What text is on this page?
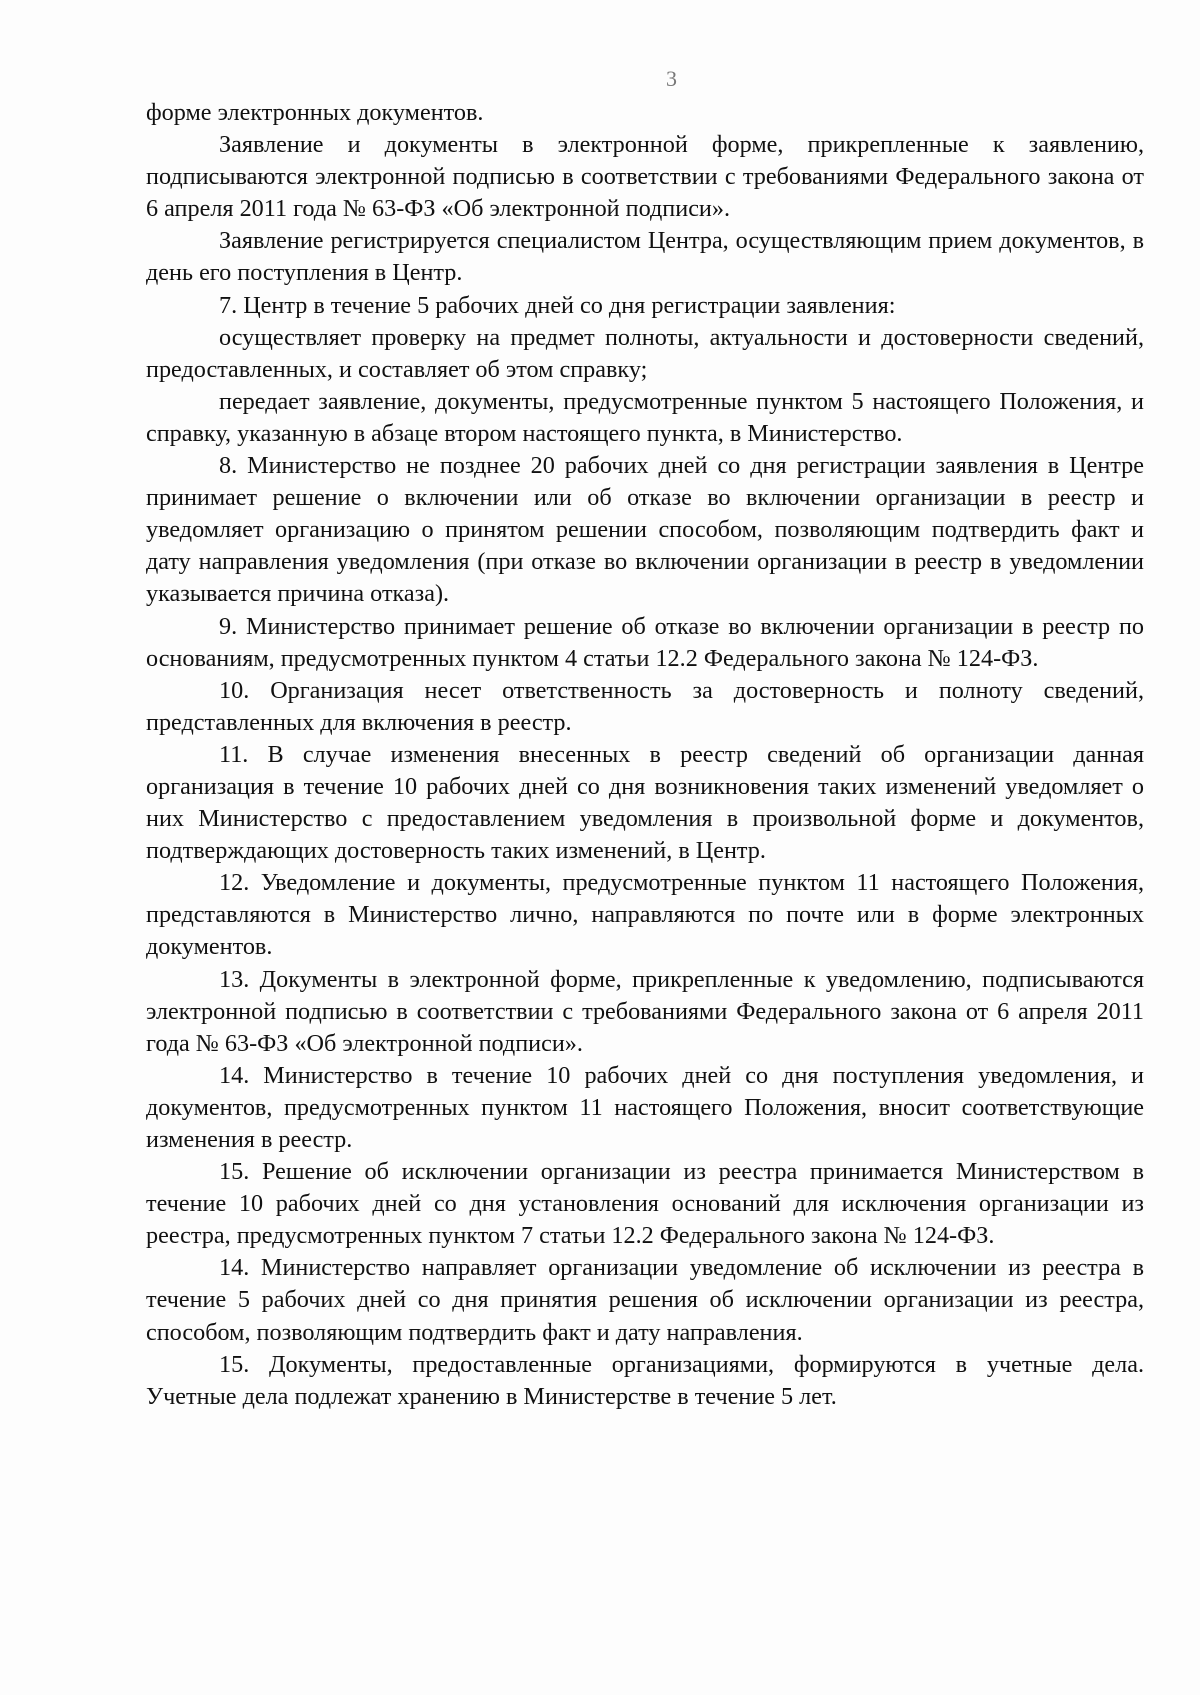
3

форме электронных документов.

Заявление и документы в электронной форме, прикрепленные к заявлению, подписываются электронной подписью в соответствии с требованиями Федерального закона от 6 апреля 2011 года № 63-ФЗ «Об электронной подписи».

Заявление регистрируется специалистом Центра, осуществляющим прием документов, в день его поступления в Центр.

7. Центр в течение 5 рабочих дней со дня регистрации заявления:

осуществляет проверку на предмет полноты, актуальности и достоверности сведений, предоставленных, и составляет об этом справку;

передает заявление, документы, предусмотренные пунктом 5 настоящего Положения, и справку, указанную в абзаце втором настоящего пункта, в Министерство.

8. Министерство не позднее 20 рабочих дней со дня регистрации заявления в Центре принимает решение о включении или об отказе во включении организации в реестр и уведомляет организацию о принятом решении способом, позволяющим подтвердить факт и дату направления уведомления (при отказе во включении организации в реестр в уведомлении указывается причина отказа).

9. Министерство принимает решение об отказе во включении организации в реестр по основаниям, предусмотренных пунктом 4 статьи 12.2 Федерального закона № 124-ФЗ.

10. Организация несет ответственность за достоверность и полноту сведений, представленных для включения в реестр.

11. В случае изменения внесенных в реестр сведений об организации данная организация в течение 10 рабочих дней со дня возникновения таких изменений уведомляет о них Министерство с предоставлением уведомления в произвольной форме и документов, подтверждающих достоверность таких изменений, в Центр.

12. Уведомление и документы, предусмотренные пунктом 11 настоящего Положения, представляются в Министерство лично, направляются по почте или в форме электронных документов.

13. Документы в электронной форме, прикрепленные к уведомлению, подписываются электронной подписью в соответствии с требованиями Федерального закона от 6 апреля 2011 года № 63-ФЗ «Об электронной подписи».

14. Министерство в течение 10 рабочих дней со дня поступления уведомления, и документов, предусмотренных пунктом 11 настоящего Положения, вносит соответствующие изменения в реестр.

15. Решение об исключении организации из реестра принимается Министерством в течение 10 рабочих дней со дня установления оснований для исключения организации из реестра, предусмотренных пунктом 7 статьи 12.2 Федерального закона № 124-ФЗ.

14. Министерство направляет организации уведомление об исключении из реестра в течение 5 рабочих дней со дня принятия решения об исключении организации из реестра, способом, позволяющим подтвердить факт и дату направления.

15. Документы, предоставленные организациями, формируются в учетные дела. Учетные дела подлежат хранению в Министерстве в течение 5 лет.
